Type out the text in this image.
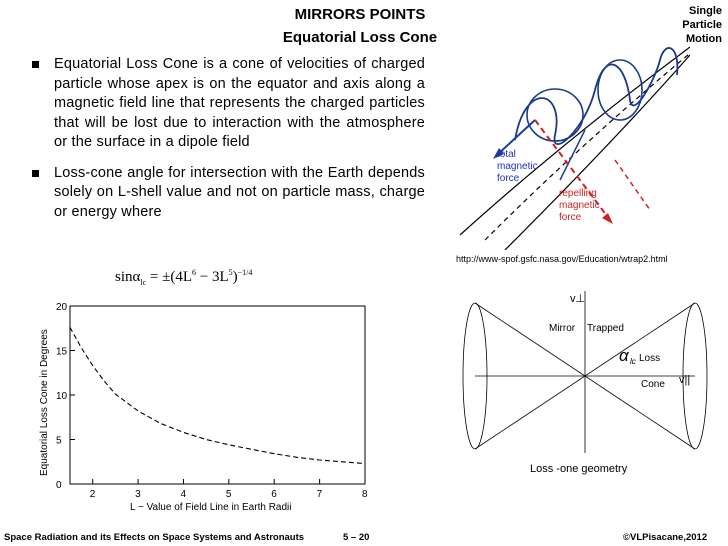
MIRRORS POINTS
Equatorial Loss Cone
Single
Particle
Motion
Equatorial Loss Cone is a cone of velocities of charged particle whose apex is on the equator and axis along a magnetic field line that represents the charged particles that will be lost due to interaction with the atmosphere or the surface in a dipole field
Loss-cone angle for intersection with the Earth depends solely on L-shell value and not on particle mass, charge or energy where
$\sin\alpha_{lc} = \pm(4L^6 - 3L^5)^{-1/4}$
total magnetic force
repelling magnetic force
http://www-spof.gsfc.nasa.gov/Education/wtrap2.html
v⊥
v||
Mirror Trapped
α lc Loss
Cone
Loss -one geometry
0
5
10
15
20
2	3	4	5	6	7	8
L − Value of Field Line in Earth Radii
Equatorial Loss Cone in Degrees
Space Radiation and its Effects on Space Systems and Astronauts	5 – 20	©VLPisacane,2012
